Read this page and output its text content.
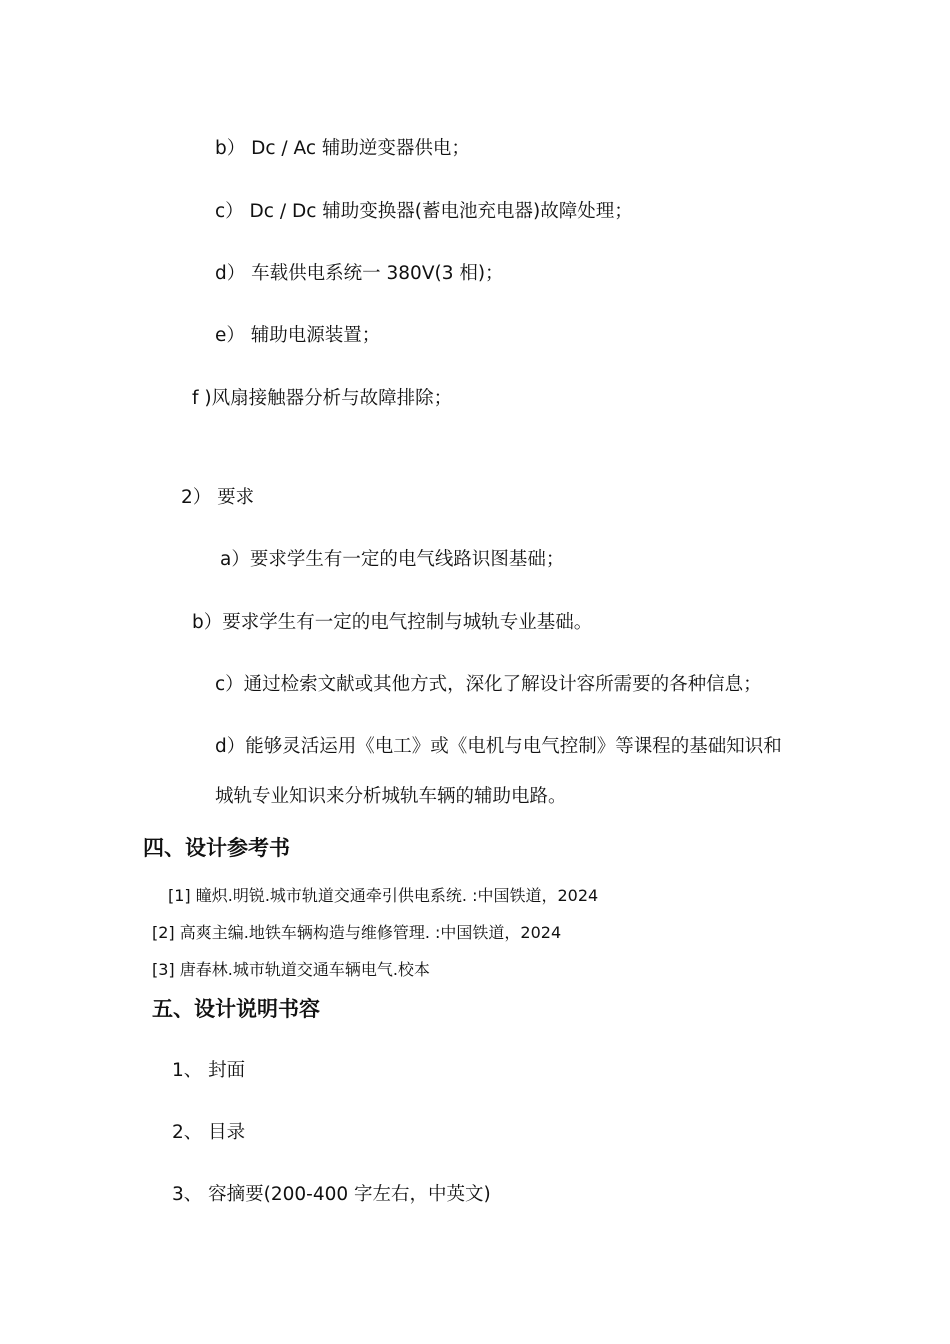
b） Dc / Ac 辅助逆变器供电；
c） Dc / Dc 辅助变换器(蓄电池充电器)故障处理；
d） 车载供电系统一 380V(3 相)；
e） 辅助电源装置；
f )风扇接触器分析与故障排除；
2） 要求
a）要求学生有一定的电气线路识图基础；
b）要求学生有一定的电气控制与城轨专业基础。
c）通过检索文献或其他方式，深化了解设计容所需要的各种信息；
d）能够灵活运用《电工》或《电机与电气控制》等课程的基础知识和
城轨专业知识来分析城轨车辆的辅助电路。
四、设计参考书
[1] 瞳炽.明锐.城市轨道交通牵引供电系统. :中国铁道，2024
[2] 高爽主编.地铁车辆构造与维修管理. :中国铁道，2024
[3] 唐春林.城市轨道交通车辆电气.校本
五、设计说明书容
1、 封面
2、 目录
3、 容摘要(200-400 字左右，中英文)
